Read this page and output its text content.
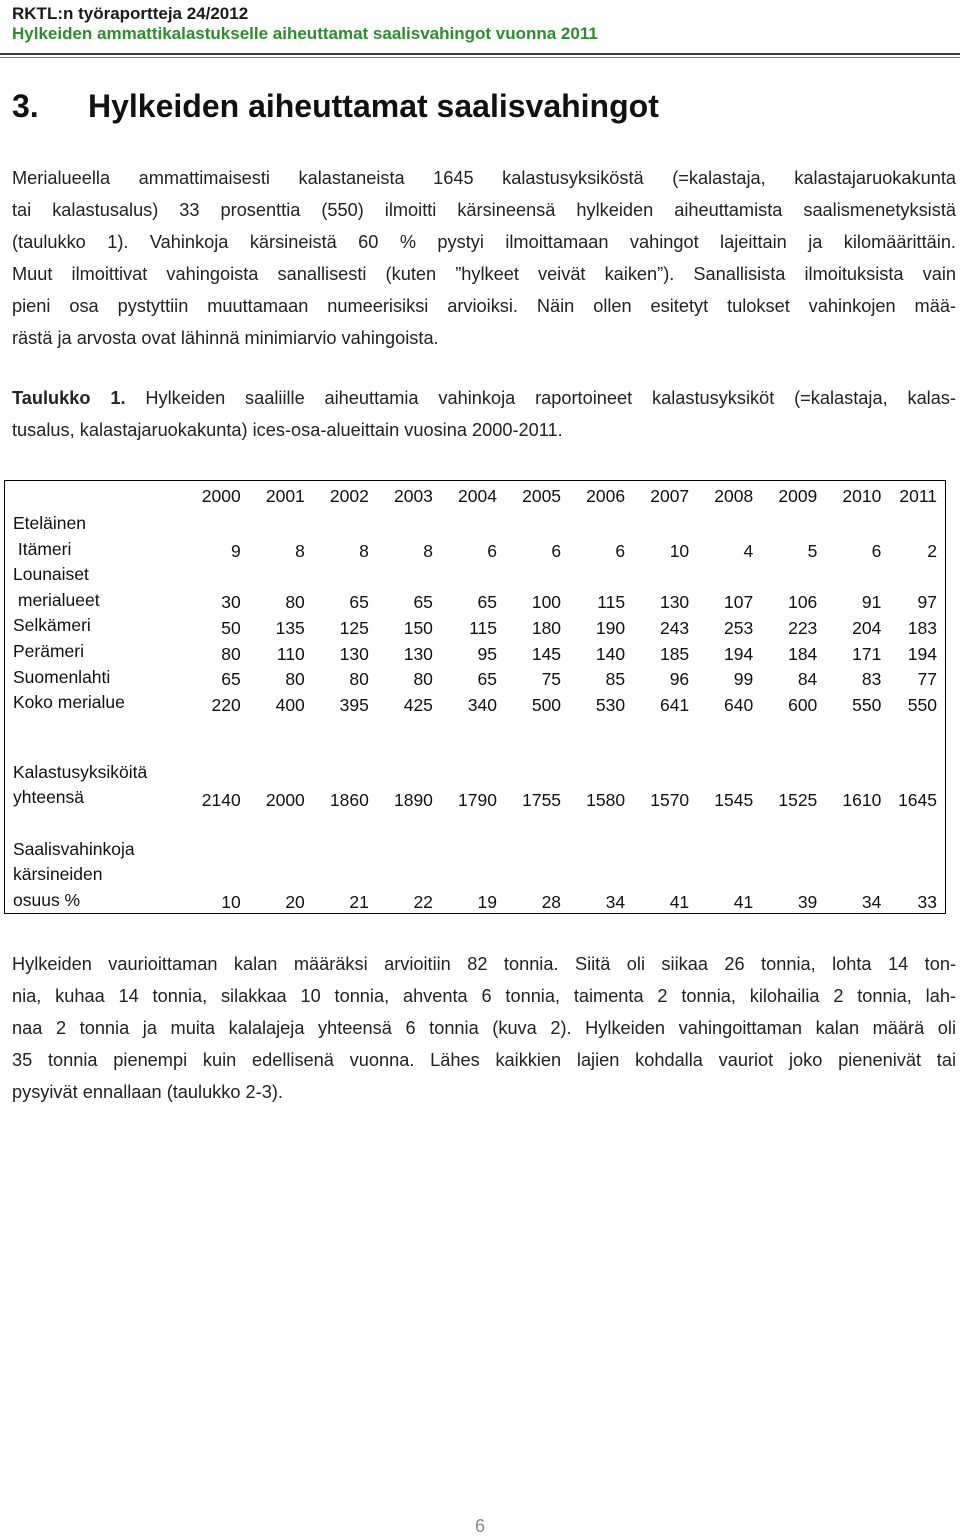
RKTL:n työraportteja 24/2012
Hylkeiden ammattikalastukselle aiheuttamat saalisvahingot vuonna 2011
3. Hylkeiden aiheuttamat saalisvahingot
Merialueella ammattimaisesti kalastaneista 1645 kalastusyksiköstä (=kalastaja, kalastajaruokakunta
tai kalastusalus) 33 prosenttia (550) ilmoitti kärsineensä hylkeiden aiheuttamista saalismenetyksistä
(taulukko 1). Vahinkoja kärsineistä 60 % pystyi ilmoittamaan vahingot lajeittain ja kilomäärittäin.
Muut ilmoittivat vahingoista sanallisesti (kuten ”hylkeet veivät kaiken”). Sanallisista ilmoituksista vain
pieni osa pystyttiin muuttamaan numeerisiksi arvioiksi. Näin ollen esitetyt tulokset vahinkojen mää-
rästä ja arvosta ovat lähinnä minimiarvio vahingoista.
Taulukko 1. Hylkeiden saaliille aiheuttamia vahinkoja raportoineet kalastusyksiköt (=kalastaja, kalas-
tusalus, kalastajaruokakunta) ices-osa-alueittain vuosina 2000-2011.
	2000	2001	2002	2003	2004	2005	2006	2007	2008	2009	2010	2011

Eteläinen
Itämeri	9	8	8	8	6	6	6	10	4	5	6	2

Lounaiset
merialueet	30	80	65	65	65	100	115	130	107	106	91	97

Selkämeri	50	135	125	150	115	180	190	243	253	223	204	183

Perämeri	80	110	130	130	95	145	140	185	194	184	171	194

Suomenlahti	65	80	80	80	65	75	85	96	99	84	83	77

Koko merialue	220	400	395	425	340	500	530	641	640	600	550	550

Kalastusyksiköitä
yhteensä	2140	2000	1860	1890	1790	1755	1580	1570	1545	1525	1610	1645

Saalisvahinkoja
kärsineiden
osuus %	10	20	21	22	19	28	34	41	41	39	34	33
Hylkeiden vaurioittaman kalan määräksi arvioitiin 82 tonnia. Siitä oli siikaa 26 tonnia, lohta 14 ton-
nia, kuhaa 14 tonnia, silakkaa 10 tonnia, ahventa 6 tonnia, taimenta 2 tonnia, kilohailia 2 tonnia, lah-
naa 2 tonnia ja muita kalalajeja yhteensä 6 tonnia (kuva 2). Hylkeiden vahingoittaman kalan määrä oli
35 tonnia pienempi kuin edellisenä vuonna. Lähes kaikkien lajien kohdalla vauriot joko pienenivät tai
pysyivät ennallaan (taulukko 2-3).
6
